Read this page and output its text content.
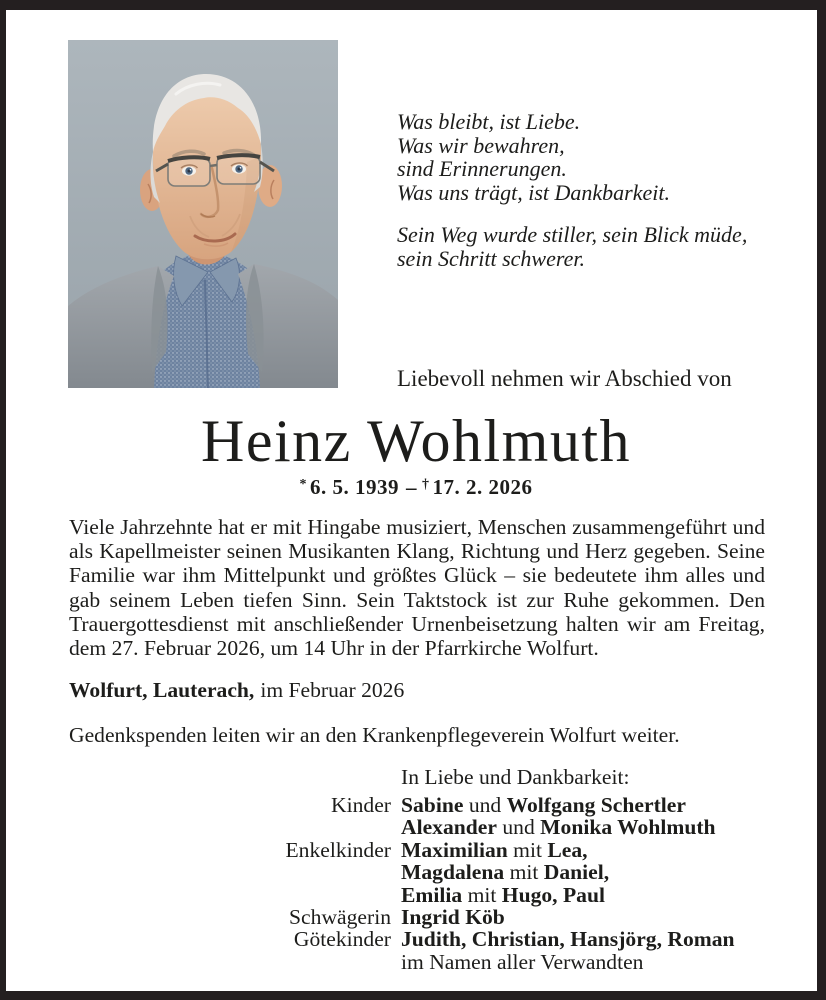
Was bleibt, ist Liebe.
Was wir bewahren,
sind Erinnerungen.
Was uns trägt, ist Dankbarkeit.
Sein Weg wurde stiller, sein Blick müde,
sein Schritt schwerer.
Liebevoll nehmen wir Abschied von
Heinz Wohlmuth
* 6. 5. 1939 – † 17. 2. 2026

Viele Jahrzehnte hat er mit Hingabe musiziert, Menschen zusammengeführt und als Kapellmeister seinen Musikanten Klang, Richtung und Herz gegeben. Seine Familie war ihm Mittelpunkt und größtes Glück – sie bedeutete ihm alles und gab seinem Leben tiefen Sinn. Sein Taktstock ist zur Ruhe gekommen. Den Trauergottesdienst mit anschließender Urnenbeisetzung halten wir am Freitag, dem 27. Februar 2026, um 14 Uhr in der Pfarrkirche Wolfurt.

Wolfurt, Lauterach, im Februar 2026
Gedenkspenden leiten wir an den Krankenpflegeverein Wolfurt weiter.
In Liebe und Dankbarkeit:
Kinder Sabine und Wolfgang Schertler
Alexander und Monika Wohlmuth
Enkelkinder Maximilian mit Lea,
Magdalena mit Daniel,
Emilia mit Hugo, Paul
Schwägerin Ingrid Köb
Götekinder Judith, Christian, Hansjörg, Roman
im Namen aller Verwandten
